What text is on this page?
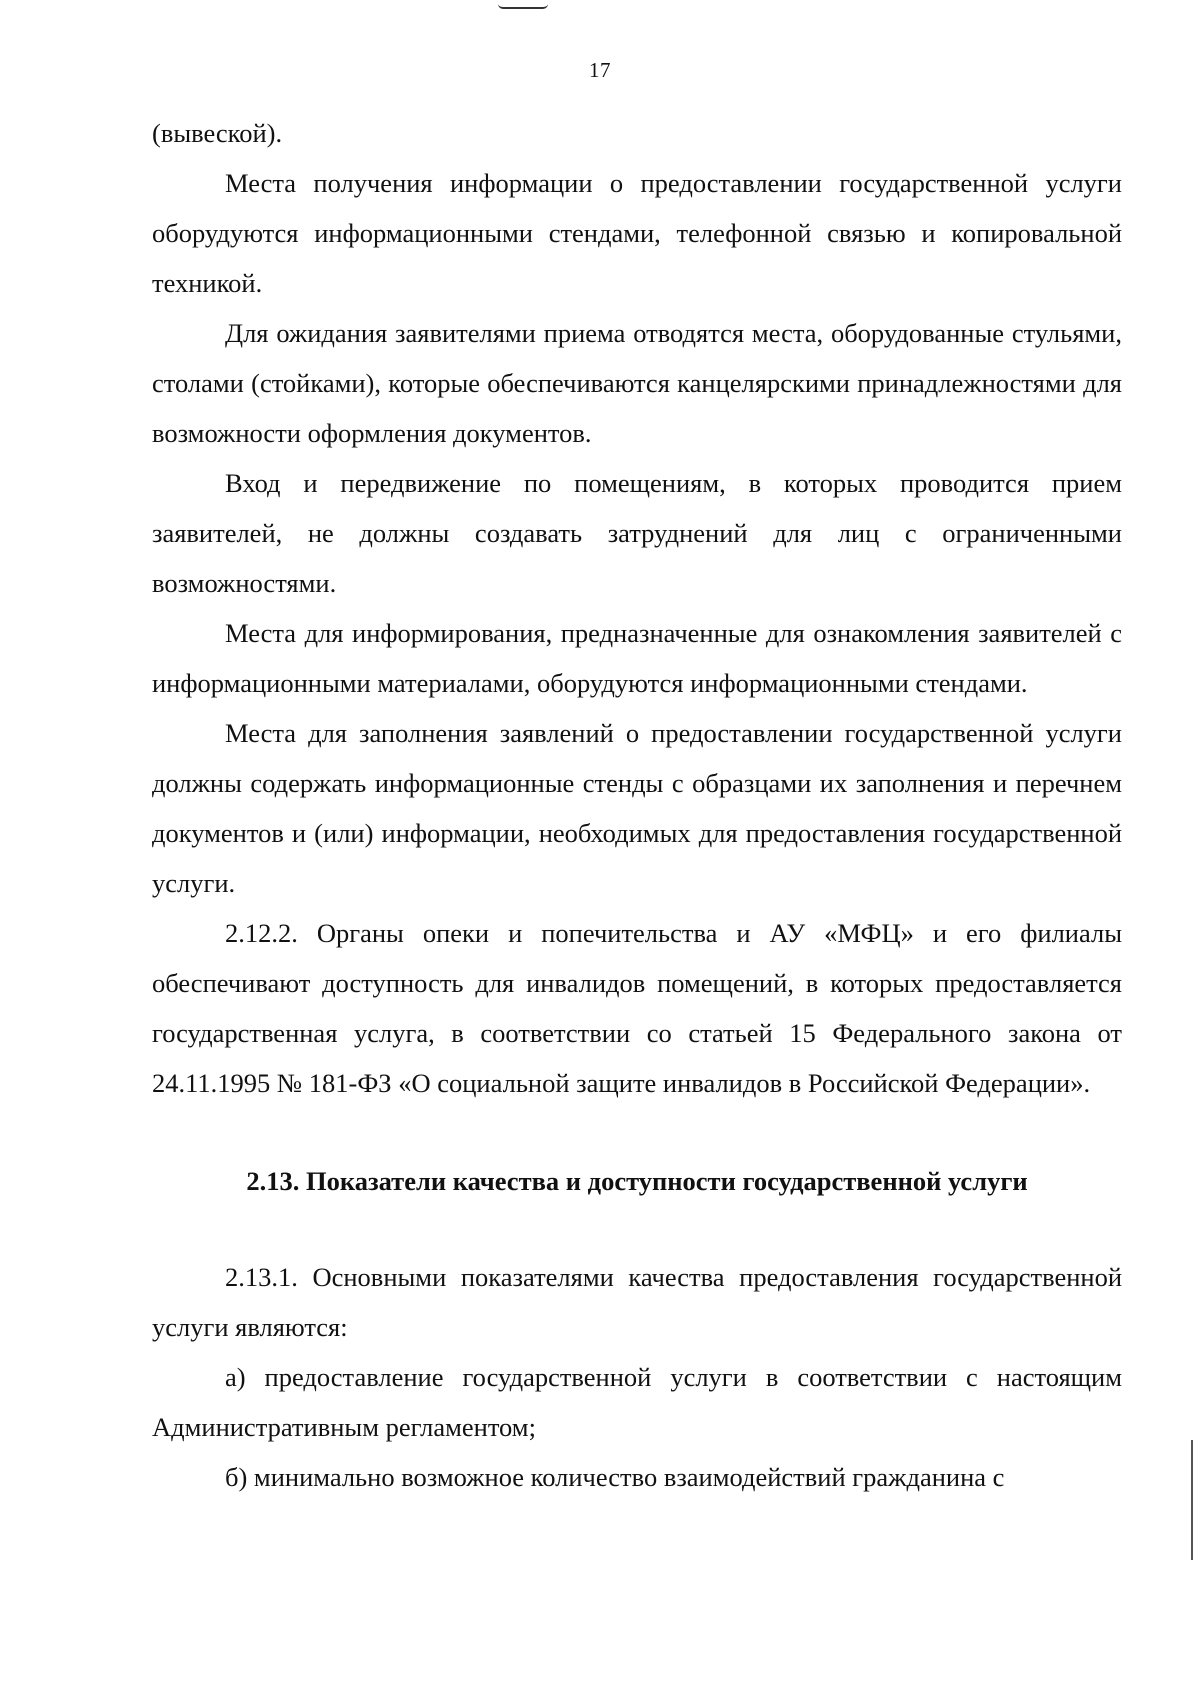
17

(вывеской).

Места получения информации о предоставлении государственной услуги оборудуются информационными стендами, телефонной связью и копировальной техникой.

Для ожидания заявителями приема отводятся места, оборудованные стульями, столами (стойками), которые обеспечиваются канцелярскими принадлежностями для возможности оформления документов.

Вход и передвижение по помещениям, в которых проводится прием заявителей, не должны создавать затруднений для лиц с ограниченными возможностями.

Места для информирования, предназначенные для ознакомления заявителей с информационными материалами, оборудуются информационными стендами.

Места для заполнения заявлений о предоставлении государственной услуги должны содержать информационные стенды с образцами их заполнения и перечнем документов и (или) информации, необходимых для предоставления государственной услуги.

2.12.2. Органы опеки и попечительства и АУ «МФЦ» и его филиалы обеспечивают доступность для инвалидов помещений, в которых предоставляется государственная услуга, в соответствии со статьей 15 Федерального закона от 24.11.1995 № 181-ФЗ «О социальной защите инвалидов в Российской Федерации».

2.13. Показатели качества и доступности государственной услуги

2.13.1. Основными показателями качества предоставления государственной услуги являются:

а) предоставление государственной услуги в соответствии с настоящим Административным регламентом;

б) минимально возможное количество взаимодействий гражданина с
